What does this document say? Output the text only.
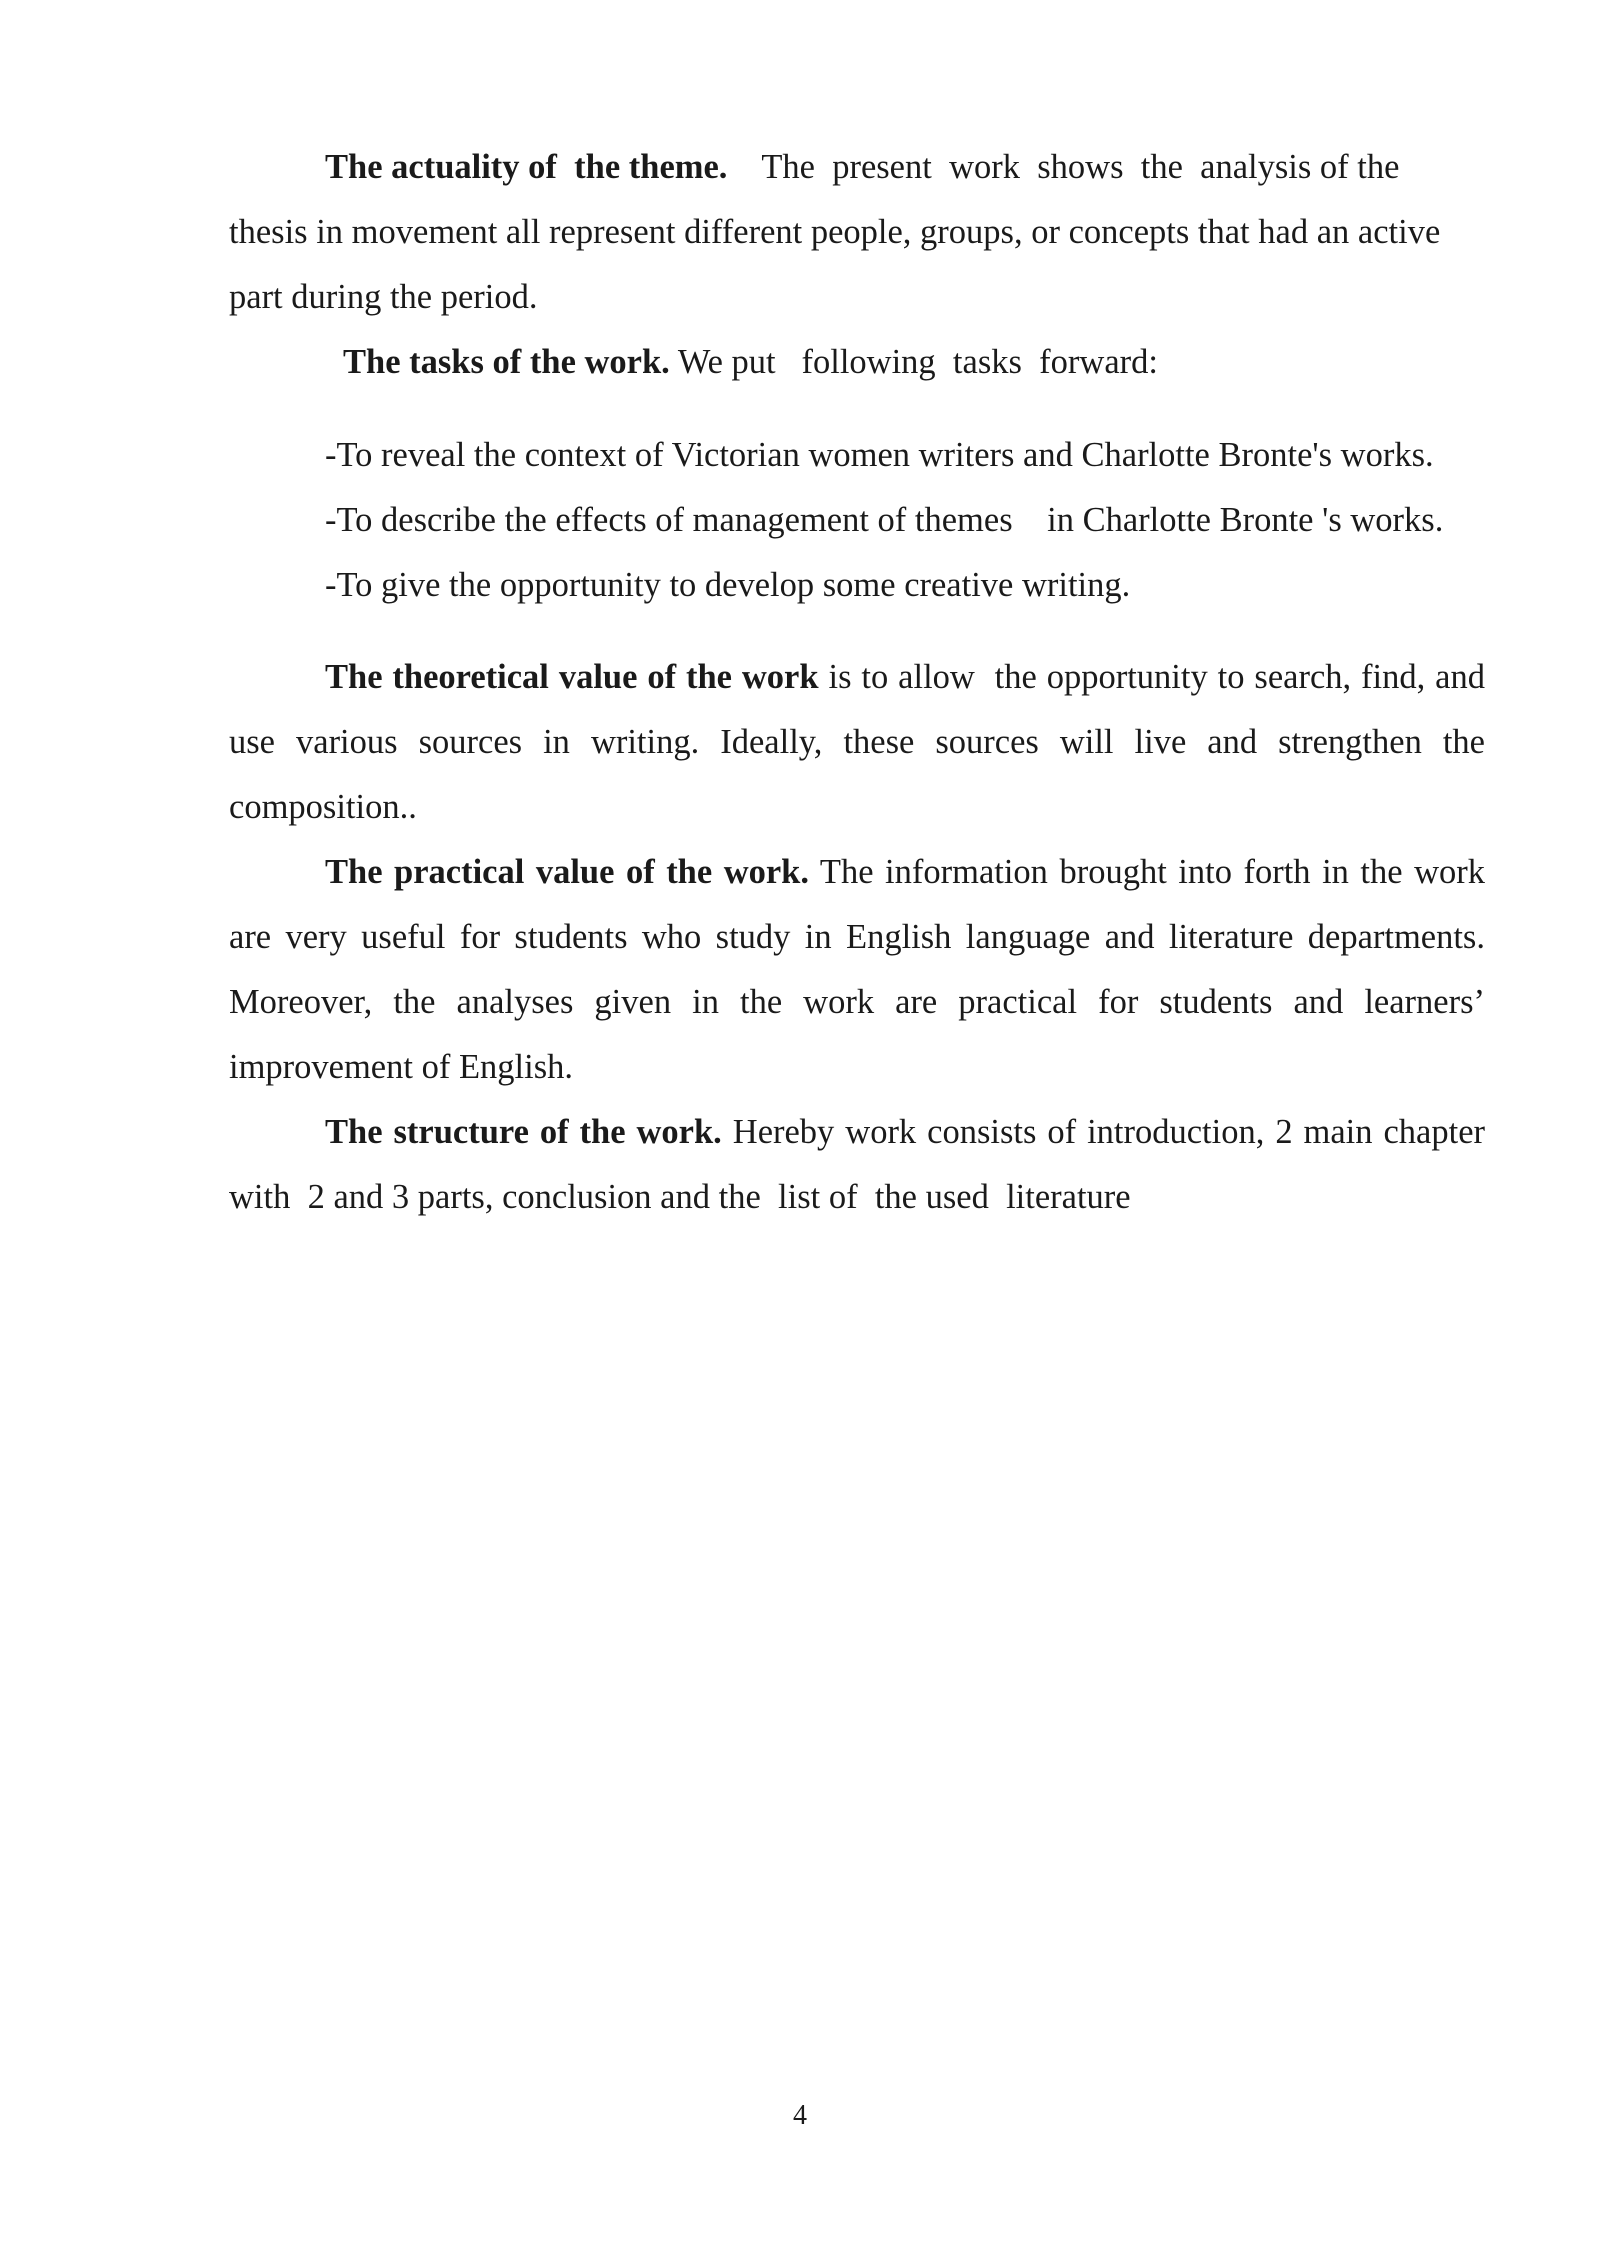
The actuality of  the theme.    The  present  work  shows  the  analysis of the thesis in movement all represent different people, groups, or concepts that had an active part during the period.

The tasks of the work. We put   following  tasks  forward:

-To reveal the context of Victorian women writers and Charlotte Bronte's works.

-To describe the effects of management of themes    in Charlotte Bronte 's works.

-To give the opportunity to develop some creative writing.

The theoretical value of the work is to allow  the opportunity to search, find, and use various sources in writing. Ideally, these sources will live and strengthen the composition..

The practical value of the work. The information brought into forth in the work are very useful for students who study in English language and literature departments. Moreover, the analyses given in the work are practical for students and learners’ improvement of English.

The structure of the work. Hereby work consists of introduction, 2 main chapter  with  2 and 3 parts, conclusion and the  list of  the used  literature

4
